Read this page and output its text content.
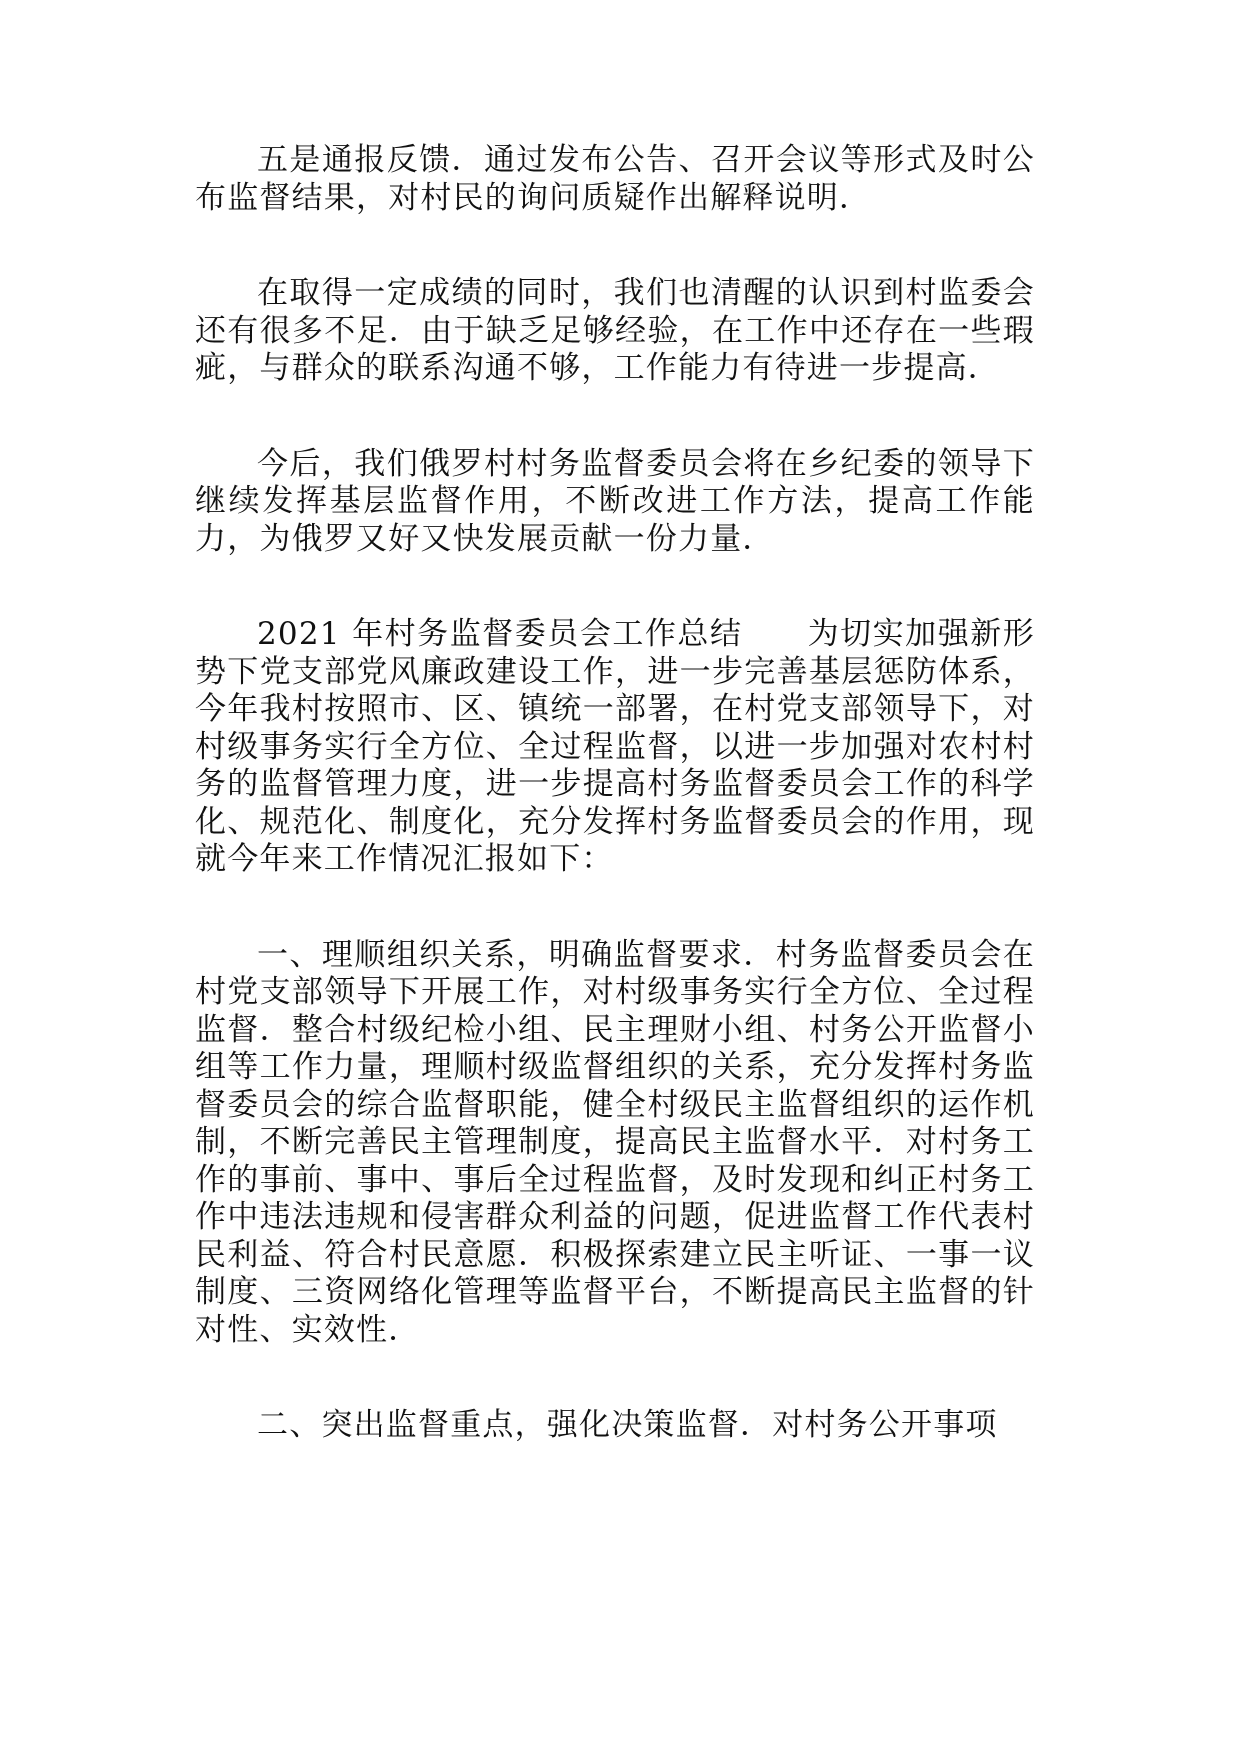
五是通报反馈．通过发布公告、召开会议等形式及时公布监督结果，对村民的询问质疑作出解释说明．

在取得一定成绩的同时，我们也清醒的认识到村监委会还有很多不足．由于缺乏足够经验，在工作中还存在一些瑕疵，与群众的联系沟通不够，工作能力有待进一步提高．

今后，我们俄罗村村务监督委员会将在乡纪委的领导下继续发挥基层监督作用，不断改进工作方法，提高工作能力，为俄罗又好又快发展贡献一份力量．

2021 年村务监督委员会工作总结　　为切实加强新形势下党支部党风廉政建设工作，进一步完善基层惩防体系，今年我村按照市、区、镇统一部署，在村党支部领导下，对村级事务实行全方位、全过程监督，以进一步加强对农村村务的监督管理力度，进一步提高村务监督委员会工作的科学化、规范化、制度化，充分发挥村务监督委员会的作用，现就今年来工作情况汇报如下：

一、理顺组织关系，明确监督要求．村务监督委员会在村党支部领导下开展工作，对村级事务实行全方位、全过程监督．整合村级纪检小组、民主理财小组、村务公开监督小组等工作力量，理顺村级监督组织的关系，充分发挥村务监督委员会的综合监督职能，健全村级民主监督组织的运作机制，不断完善民主管理制度，提高民主监督水平．对村务工作的事前、事中、事后全过程监督，及时发现和纠正村务工作中违法违规和侵害群众利益的问题，促进监督工作代表村民利益、符合村民意愿．积极探索建立民主听证、一事一议制度、三资网络化管理等监督平台，不断提高民主监督的针对性、实效性．

二、突出监督重点，强化决策监督．对村务公开事项
